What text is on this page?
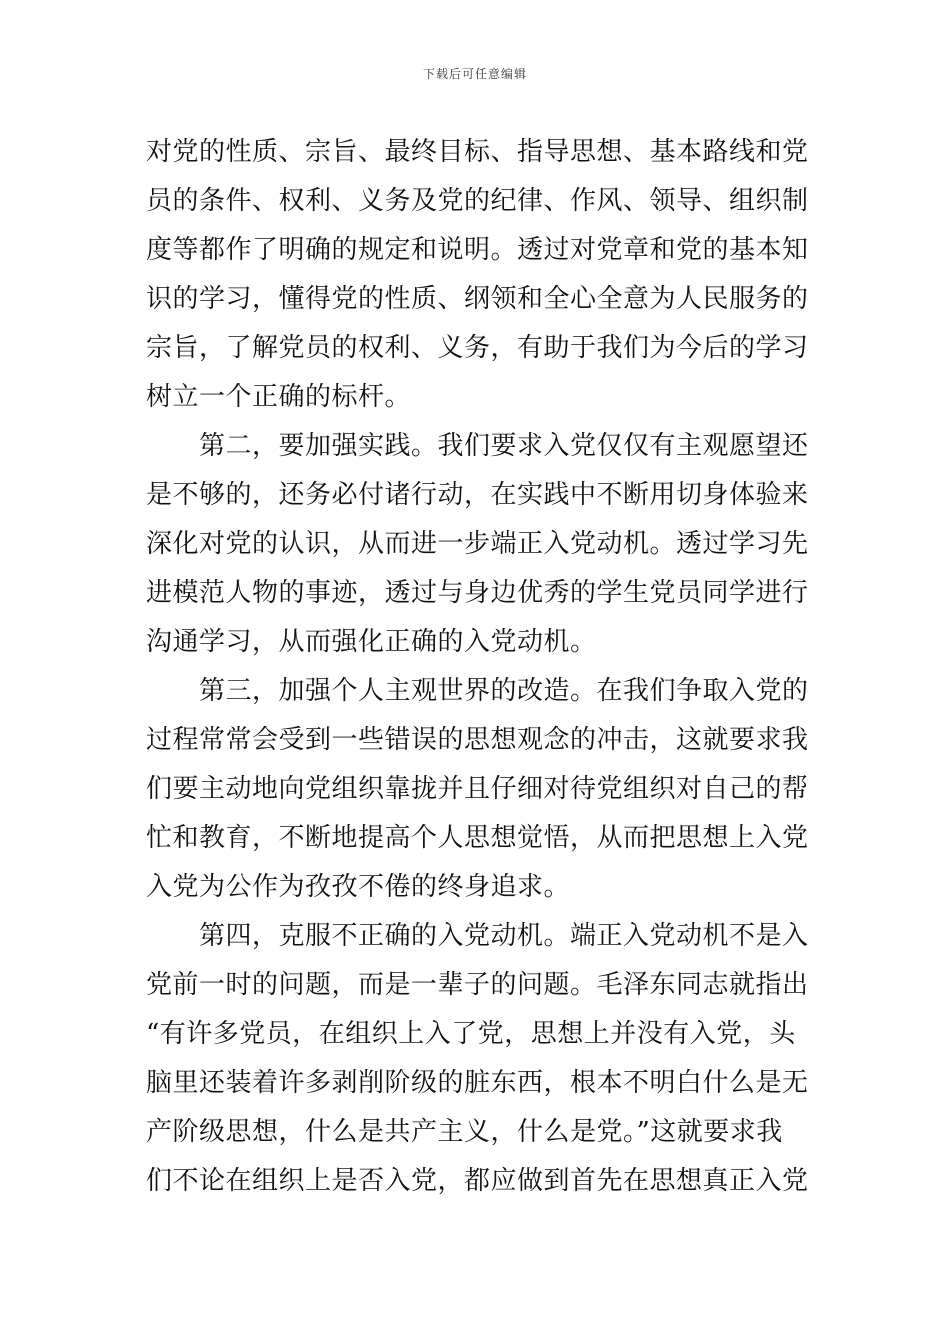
下载后可任意编辑
对党的性质、宗旨、最终目标、指导思想、基本路线和党
员的条件、权利、义务及党的纪律、作风、领导、组织制
度等都作了明确的规定和说明。透过对党章和党的基本知
识的学习，懂得党的性质、纲领和全心全意为人民服务的
宗旨，了解党员的权利、义务，有助于我们为今后的学习
树立一个正确的标杆。
第二，要加强实践。我们要求入党仅仅有主观愿望还
是不够的，还务必付诸行动，在实践中不断用切身体验来
深化对党的认识，从而进一步端正入党动机。透过学习先
进模范人物的事迹，透过与身边优秀的学生党员同学进行
沟通学习，从而强化正确的入党动机。
第三，加强个人主观世界的改造。在我们争取入党的
过程常常会受到一些错误的思想观念的冲击，这就要求我
们要主动地向党组织靠拢并且仔细对待党组织对自己的帮
忙和教育，不断地提高个人思想觉悟，从而把思想上入党
入党为公作为孜孜不倦的终身追求。
第四，克服不正确的入党动机。端正入党动机不是入
党前一时的问题，而是一辈子的问题。毛泽东同志就指出
“有许多党员，在组织上入了党，思想上并没有入党，头
脑里还装着许多剥削阶级的脏东西，根本不明白什么是无
产阶级思想，什么是共产主义，什么是党。”这就要求我
们不论在组织上是否入党，都应做到首先在思想真正入党
